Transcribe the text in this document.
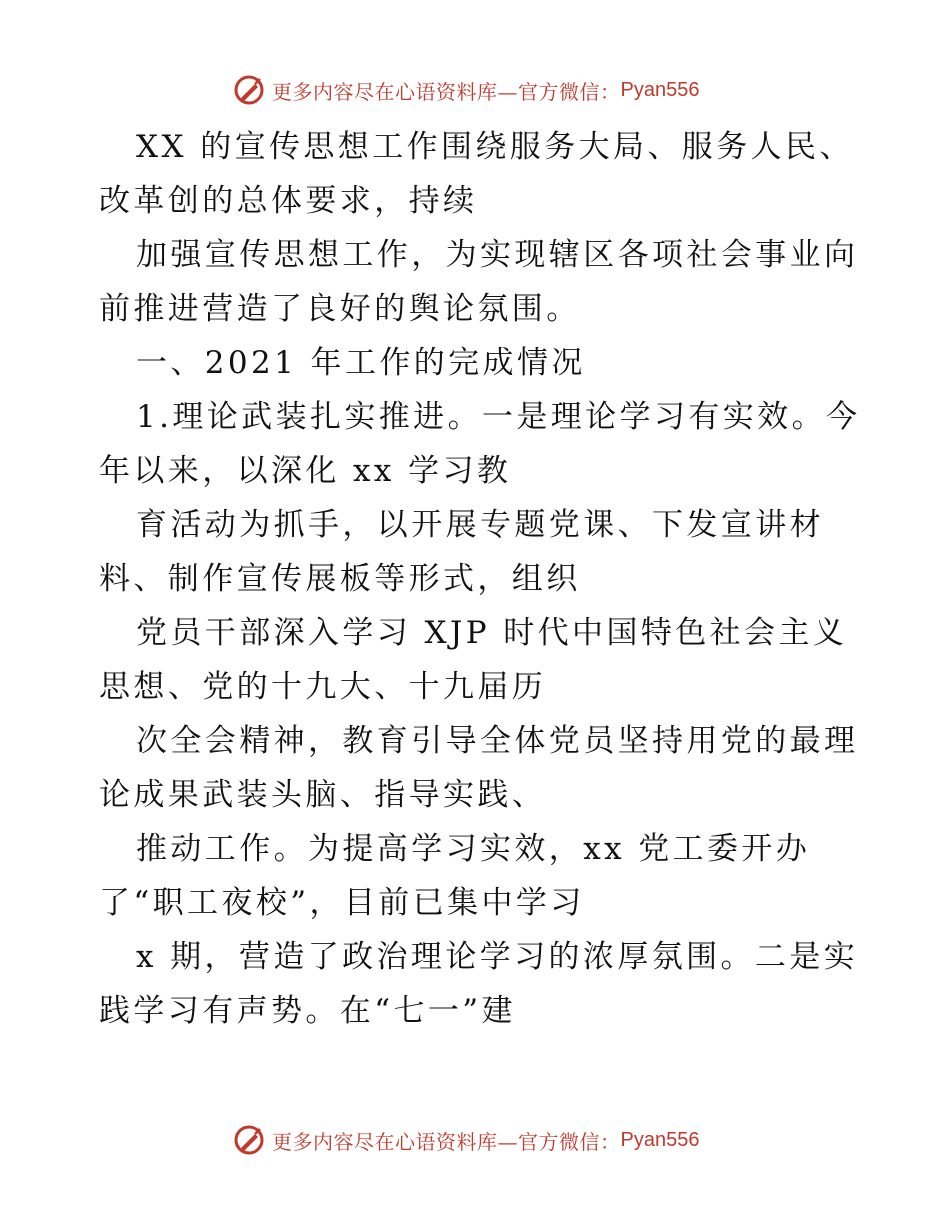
更多内容尽在心语资料库—官方微信： Pyan556
XX 的宣传思想工作围绕服务大局、服务人民、
改革创的总体要求，持续
加强宣传思想工作，为实现辖区各项社会事业向
前推进营造了良好的舆论氛围。
一、2021 年工作的完成情况
1.理论武装扎实推进。一是理论学习有实效。今
年以来，以深化 xx 学习教
育活动为抓手，以开展专题党课、下发宣讲材
料、制作宣传展板等形式，组织
党员干部深入学习 XJP 时代中国特色社会主义
思想、党的十九大、十九届历
次全会精神，教育引导全体党员坚持用党的最理
论成果武装头脑、指导实践、
推动工作。为提高学习实效，xx 党工委开办
了“职工夜校”，目前已集中学习
x 期，营造了政治理论学习的浓厚氛围。二是实
践学习有声势。在“七一”建
更多内容尽在心语资料库—官方微信： Pyan556
